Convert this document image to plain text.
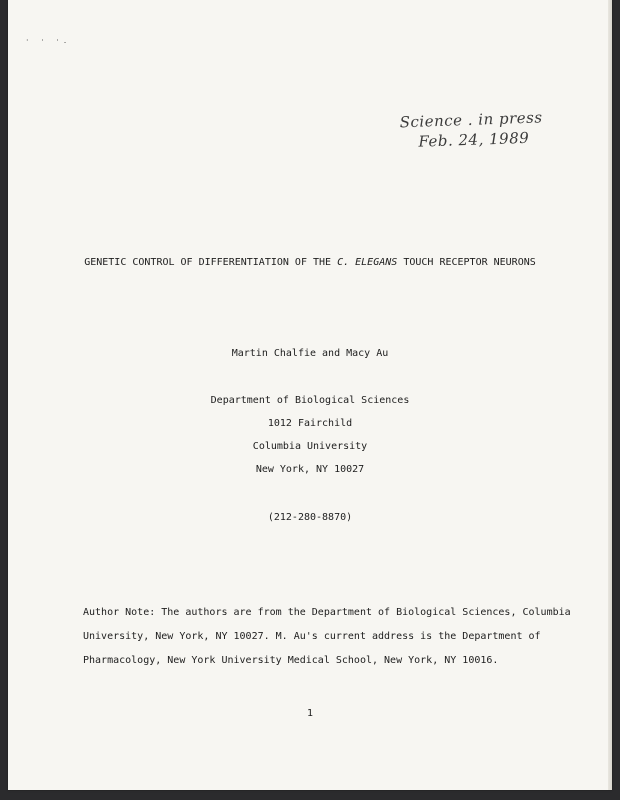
· · ·.
Science . in press
Feb. 24, 1989
GENETIC CONTROL OF DIFFERENTIATION OF THE C. ELEGANS TOUCH RECEPTOR NEURONS
Martin Chalfie and Macy Au
Department of Biological Sciences
1012 Fairchild
Columbia University
New York, NY 10027
(212-280-8870)
Author Note: The authors are from the Department of Biological Sciences, Columbia
University, New York, NY 10027. M. Au's current address is the Department of
Pharmacology, New York University Medical School, New York, NY 10016.
1
